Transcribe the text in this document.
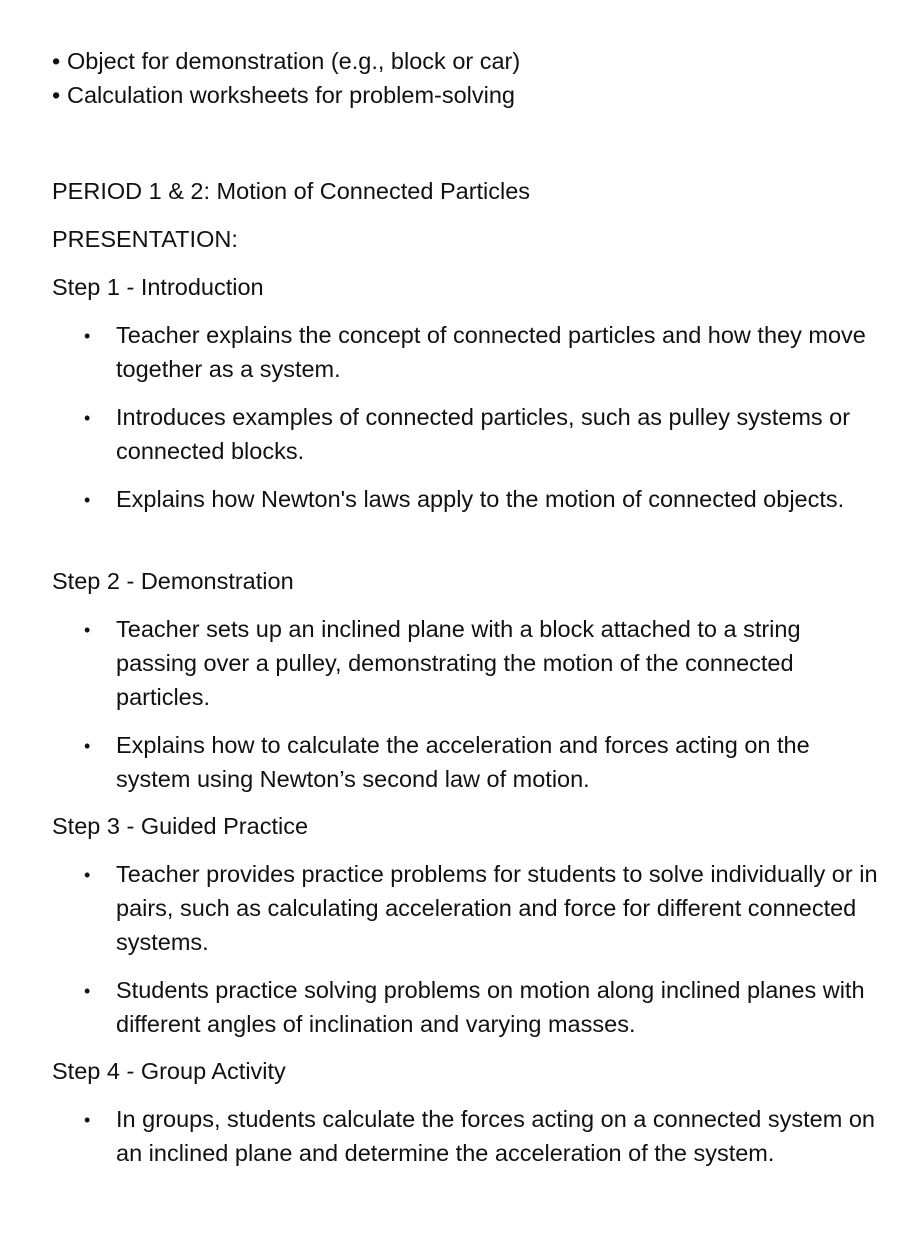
• Object for demonstration (e.g., block or car)
• Calculation worksheets for problem-solving
PERIOD 1 & 2: Motion of Connected Particles
PRESENTATION:
Step 1 - Introduction
• Teacher explains the concept of connected particles and how they move together as a system.
• Introduces examples of connected particles, such as pulley systems or connected blocks.
• Explains how Newton's laws apply to the motion of connected objects.
Step 2 - Demonstration
• Teacher sets up an inclined plane with a block attached to a string passing over a pulley, demonstrating the motion of the connected particles.
• Explains how to calculate the acceleration and forces acting on the system using Newton’s second law of motion.
Step 3 - Guided Practice
• Teacher provides practice problems for students to solve individually or in pairs, such as calculating acceleration and force for different connected systems.
• Students practice solving problems on motion along inclined planes with different angles of inclination and varying masses.
Step 4 - Group Activity
• In groups, students calculate the forces acting on a connected system on an inclined plane and determine the acceleration of the system.
